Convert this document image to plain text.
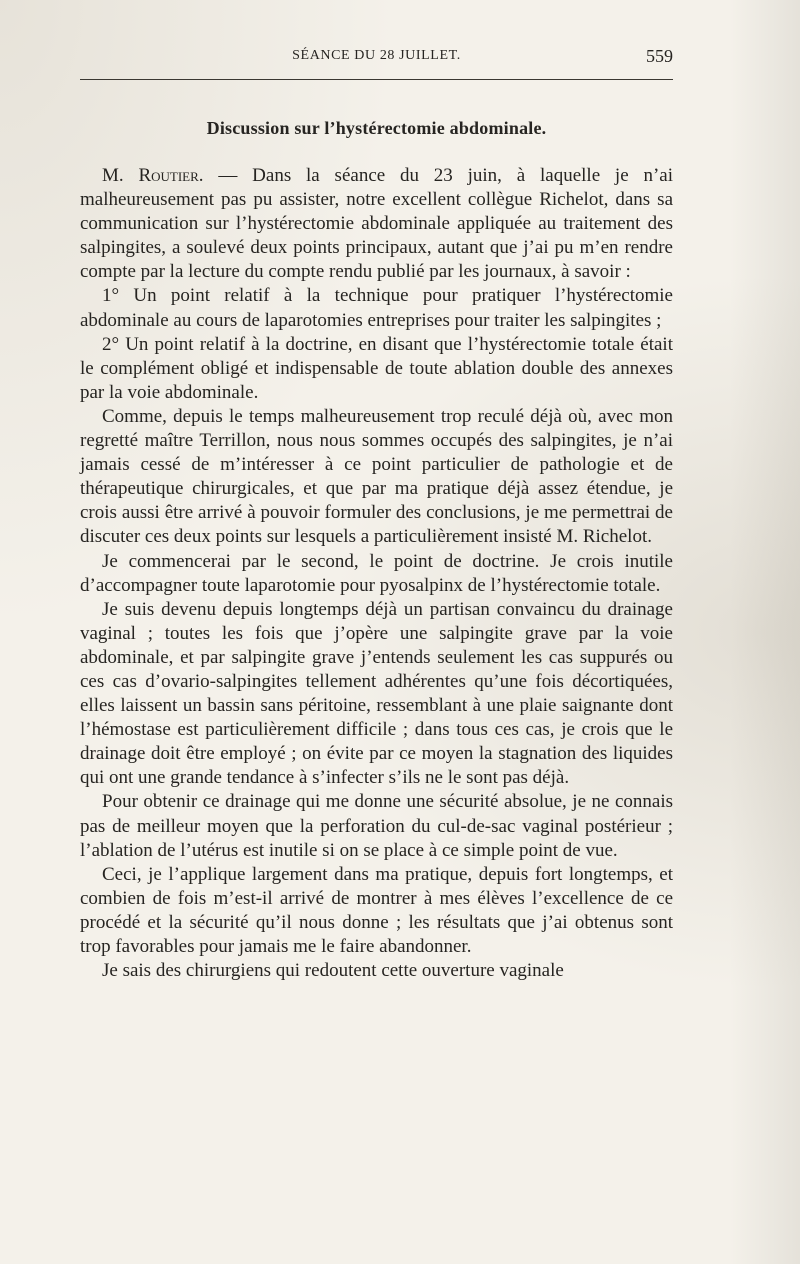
SÉANCE DU 28 JUILLET.	559
Discussion sur l’hystérectomie abdominale.

M. Routier. — Dans la séance du 23 juin, à laquelle je n’ai malheureusement pas pu assister, notre excellent collègue Richelot, dans sa communication sur l’hystérectomie abdominale appliquée au traitement des salpingites, a soulevé deux points principaux, autant que j’ai pu m’en rendre compte par la lecture du compte rendu publié par les journaux, à savoir :

1° Un point relatif à la technique pour pratiquer l’hystérectomie abdominale au cours de laparotomies entreprises pour traiter les salpingites ;

2° Un point relatif à la doctrine, en disant que l’hystérectomie totale était le complément obligé et indispensable de toute ablation double des annexes par la voie abdominale.

Comme, depuis le temps malheureusement trop reculé déjà où, avec mon regretté maître Terrillon, nous nous sommes occupés des salpingites, je n’ai jamais cessé de m’intéresser à ce point particulier de pathologie et de thérapeutique chirurgicales, et que par ma pratique déjà assez étendue, je crois aussi être arrivé à pouvoir formuler des conclusions, je me permettrai de discuter ces deux points sur lesquels a particulièrement insisté M. Richelot.

Je commencerai par le second, le point de doctrine. Je crois inutile d’accompagner toute laparotomie pour pyosalpinx de l’hystérectomie totale.

Je suis devenu depuis longtemps déjà un partisan convaincu du drainage vaginal ; toutes les fois que j’opère une salpingite grave par la voie abdominale, et par salpingite grave j’entends seulement les cas suppurés ou ces cas d’ovario-salpingites tellement adhérentes qu’une fois décortiquées, elles laissent un bassin sans péritoine, ressemblant à une plaie saignante dont l’hémostase est particulièrement difficile ; dans tous ces cas, je crois que le drainage doit être employé ; on évite par ce moyen la stagnation des liquides qui ont une grande tendance à s’infecter s’ils ne le sont pas déjà.

Pour obtenir ce drainage qui me donne une sécurité absolue, je ne connais pas de meilleur moyen que la perforation du cul-de-sac vaginal postérieur ; l’ablation de l’utérus est inutile si on se place à ce simple point de vue.

Ceci, je l’applique largement dans ma pratique, depuis fort longtemps, et combien de fois m’est-il arrivé de montrer à mes élèves l’excellence de ce procédé et la sécurité qu’il nous donne ; les résultats que j’ai obtenus sont trop favorables pour jamais me le faire abandonner.

Je sais des chirurgiens qui redoutent cette ouverture vaginale
